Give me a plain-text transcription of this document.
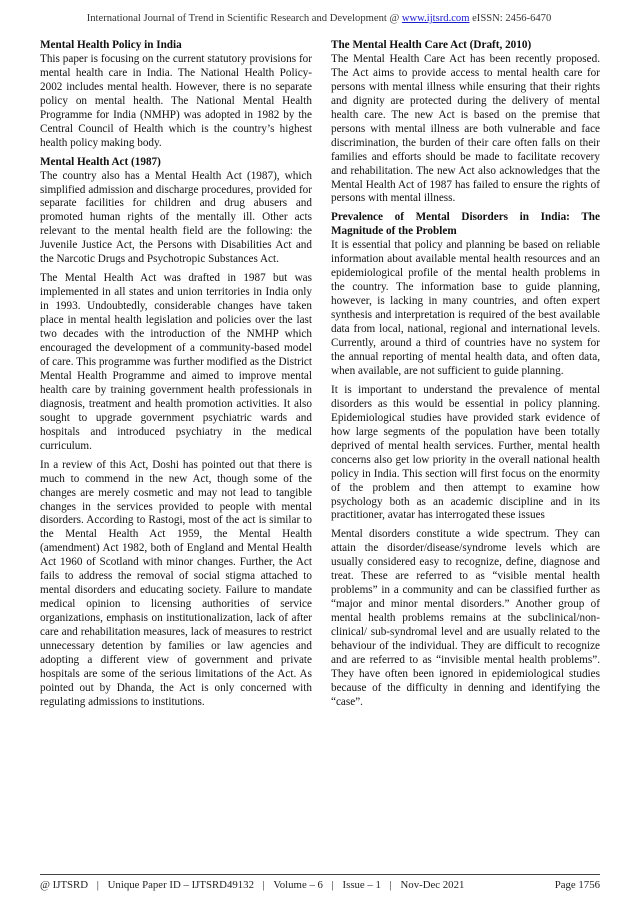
International Journal of Trend in Scientific Research and Development @ www.ijtsrd.com eISSN: 2456-6470
Mental Health Policy in India

This paper is focusing on the current statutory provisions for mental health care in India. The National Health Policy-2002 includes mental health. However, there is no separate policy on mental health. The National Mental Health Programme for India (NMHP) was adopted in 1982 by the Central Council of Health which is the country’s highest health policy making body.

Mental Health Act (1987)

The country also has a Mental Health Act (1987), which simplified admission and discharge procedures, provided for separate facilities for children and drug abusers and promoted human rights of the mentally ill. Other acts relevant to the mental health field are the following: the Juvenile Justice Act, the Persons with Disabilities Act and the Narcotic Drugs and Psychotropic Substances Act.

The Mental Health Act was drafted in 1987 but was implemented in all states and union territories in India only in 1993. Undoubtedly, considerable changes have taken place in mental health legislation and policies over the last two decades with the introduction of the NMHP which encouraged the development of a community-based model of care. This programme was further modified as the District Mental Health Programme and aimed to improve mental health care by training government health professionals in diagnosis, treatment and health promotion activities. It also sought to upgrade government psychiatric wards and hospitals and introduced psychiatry in the medical curriculum.

In a review of this Act, Doshi has pointed out that there is much to commend in the new Act, though some of the changes are merely cosmetic and may not lead to tangible changes in the services provided to people with mental disorders. According to Rastogi, most of the act is similar to the Mental Health Act 1959, the Mental Health (amendment) Act 1982, both of England and Mental Health Act 1960 of Scotland with minor changes. Further, the Act fails to address the removal of social stigma attached to mental disorders and educating society. Failure to mandate medical opinion to licensing authorities of service organizations, emphasis on institutionalization, lack of after care and rehabilitation measures, lack of measures to restrict unnecessary detention by families or law agencies and adopting a different view of government and private hospitals are some of the serious limitations of the Act. As pointed out by Dhanda, the Act is only concerned with regulating admissions to institutions.

The Mental Health Care Act (Draft, 2010)

The Mental Health Care Act has been recently proposed. The Act aims to provide access to mental health care for persons with mental illness while ensuring that their rights and dignity are protected during the delivery of mental health care. The new Act is based on the premise that persons with mental illness are both vulnerable and face discrimination, the burden of their care often falls on their families and efforts should be made to facilitate recovery and rehabilitation. The new Act also acknowledges that the Mental Health Act of 1987 has failed to ensure the rights of persons with mental illness.

Prevalence of Mental Disorders in India: The Magnitude of the Problem

It is essential that policy and planning be based on reliable information about available mental health resources and an epidemiological profile of the mental health problems in the country. The information base to guide planning, however, is lacking in many countries, and often expert synthesis and interpretation is required of the best available data from local, national, regional and international levels. Currently, around a third of countries have no system for the annual reporting of mental health data, and often data, when available, are not sufficient to guide planning.

It is important to understand the prevalence of mental disorders as this would be essential in policy planning. Epidemiological studies have provided stark evidence of how large segments of the population have been totally deprived of mental health services. Further, mental health concerns also get low priority in the overall national health policy in India. This section will first focus on the enormity of the problem and then attempt to examine how psychology both as an academic discipline and in its practitioner, avatar has interrogated these issues

Mental disorders constitute a wide spectrum. They can attain the disorder/disease/syndrome levels which are usually considered easy to recognize, define, diagnose and treat. These are referred to as “visible mental health problems” in a community and can be classified further as “major and minor mental disorders.” Another group of mental health problems remains at the subclinical/non-clinical/ sub-syndromal level and are usually related to the behaviour of the individual. They are difficult to recognize and are referred to as “invisible mental health problems”. They have often been ignored in epidemiological studies because of the difficulty in denning and identifying the “case”.

@ IJTSRD | Unique Paper ID – IJTSRD49132 | Volume – 6 | Issue – 1 | Nov-Dec 2021	Page 1756
